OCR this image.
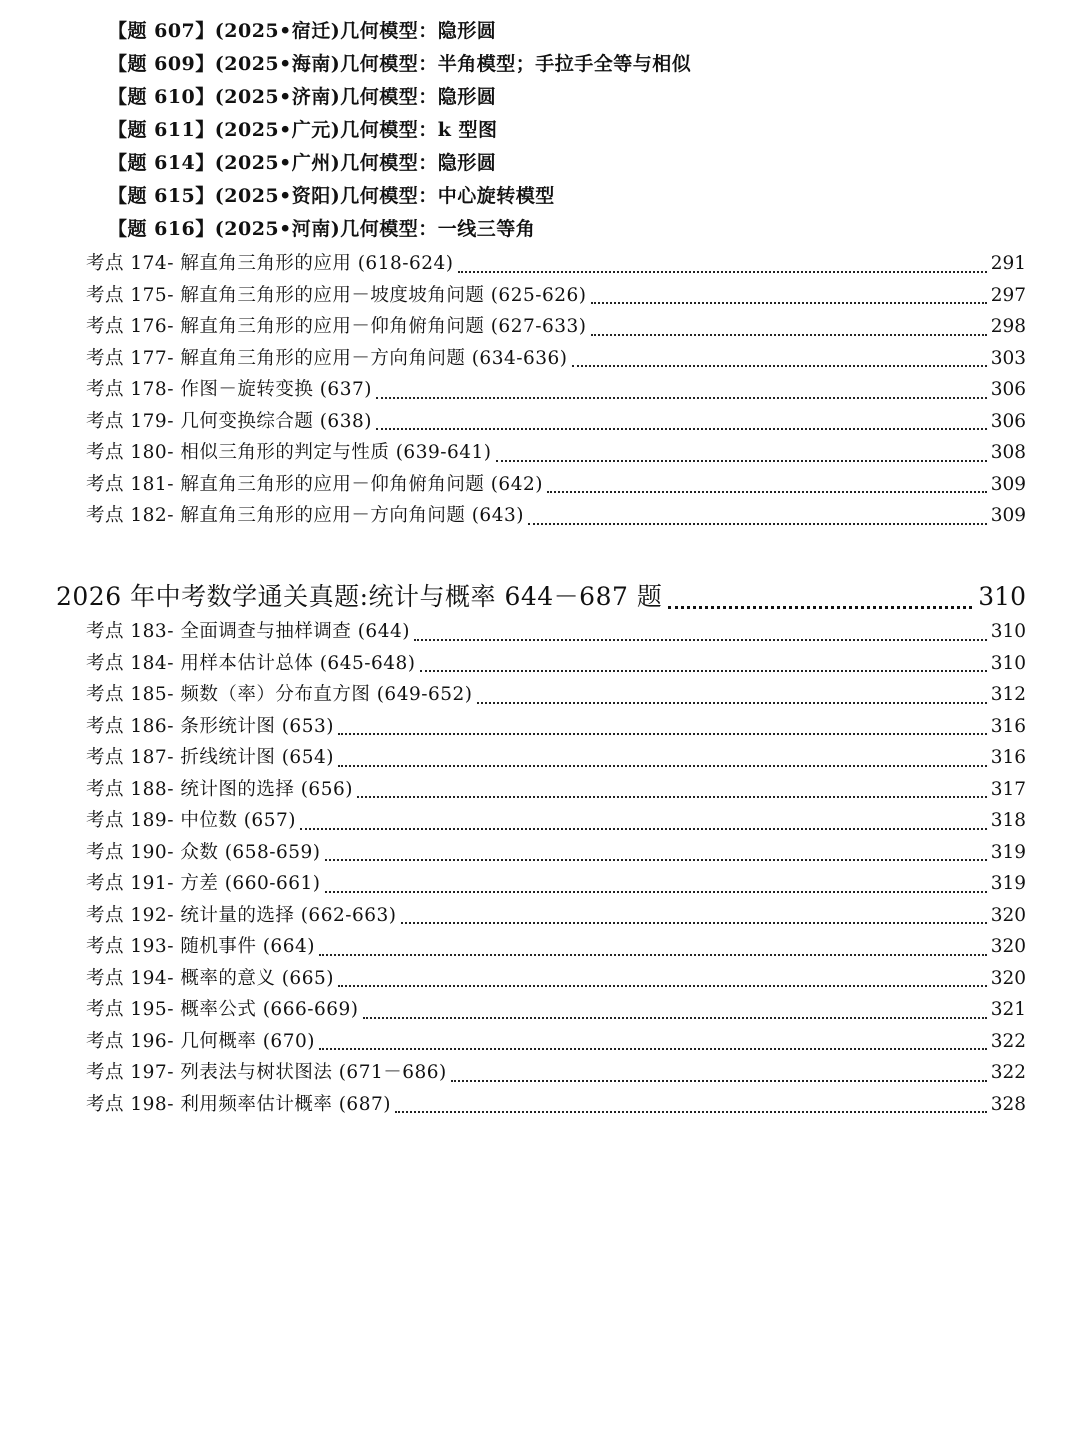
【题 607】(2025•宿迁)几何模型：隐形圆
【题 609】(2025•海南)几何模型：半角模型；手拉手全等与相似
【题 610】(2025•济南)几何模型：隐形圆
【题 611】(2025•广元)几何模型：k 型图
【题 614】(2025•广州)几何模型：隐形圆
【题 615】(2025•资阳)几何模型：中心旋转模型
【题 616】(2025•河南)几何模型：一线三等角
考点 174- 解直角三角形的应用 (618-624)	291
考点 175- 解直角三角形的应用－坡度坡角问题 (625-626)	297
考点 176- 解直角三角形的应用－仰角俯角问题 (627-633)	298
考点 177- 解直角三角形的应用－方向角问题 (634-636)	303
考点 178- 作图－旋转变换 (637)	306
考点 179- 几何变换综合题 (638)	306
考点 180- 相似三角形的判定与性质 (639-641)	308
考点 181- 解直角三角形的应用－仰角俯角问题 (642)	309
考点 182- 解直角三角形的应用－方向角问题 (643)	309
2026 年中考数学通关真题:统计与概率 644－687 题	310
考点 183- 全面调查与抽样调查 (644)	310
考点 184- 用样本估计总体 (645-648)	310
考点 185- 频数（率）分布直方图 (649-652)	312
考点 186- 条形统计图 (653)	316
考点 187- 折线统计图 (654)	316
考点 188- 统计图的选择 (656)	317
考点 189- 中位数 (657)	318
考点 190- 众数 (658-659)	319
考点 191- 方差 (660-661)	319
考点 192- 统计量的选择 (662-663)	320
考点 193- 随机事件 (664)	320
考点 194- 概率的意义 (665)	320
考点 195- 概率公式 (666-669)	321
考点 196- 几何概率 (670)	322
考点 197- 列表法与树状图法 (671－686)	322
考点 198- 利用频率估计概率 (687)	328
